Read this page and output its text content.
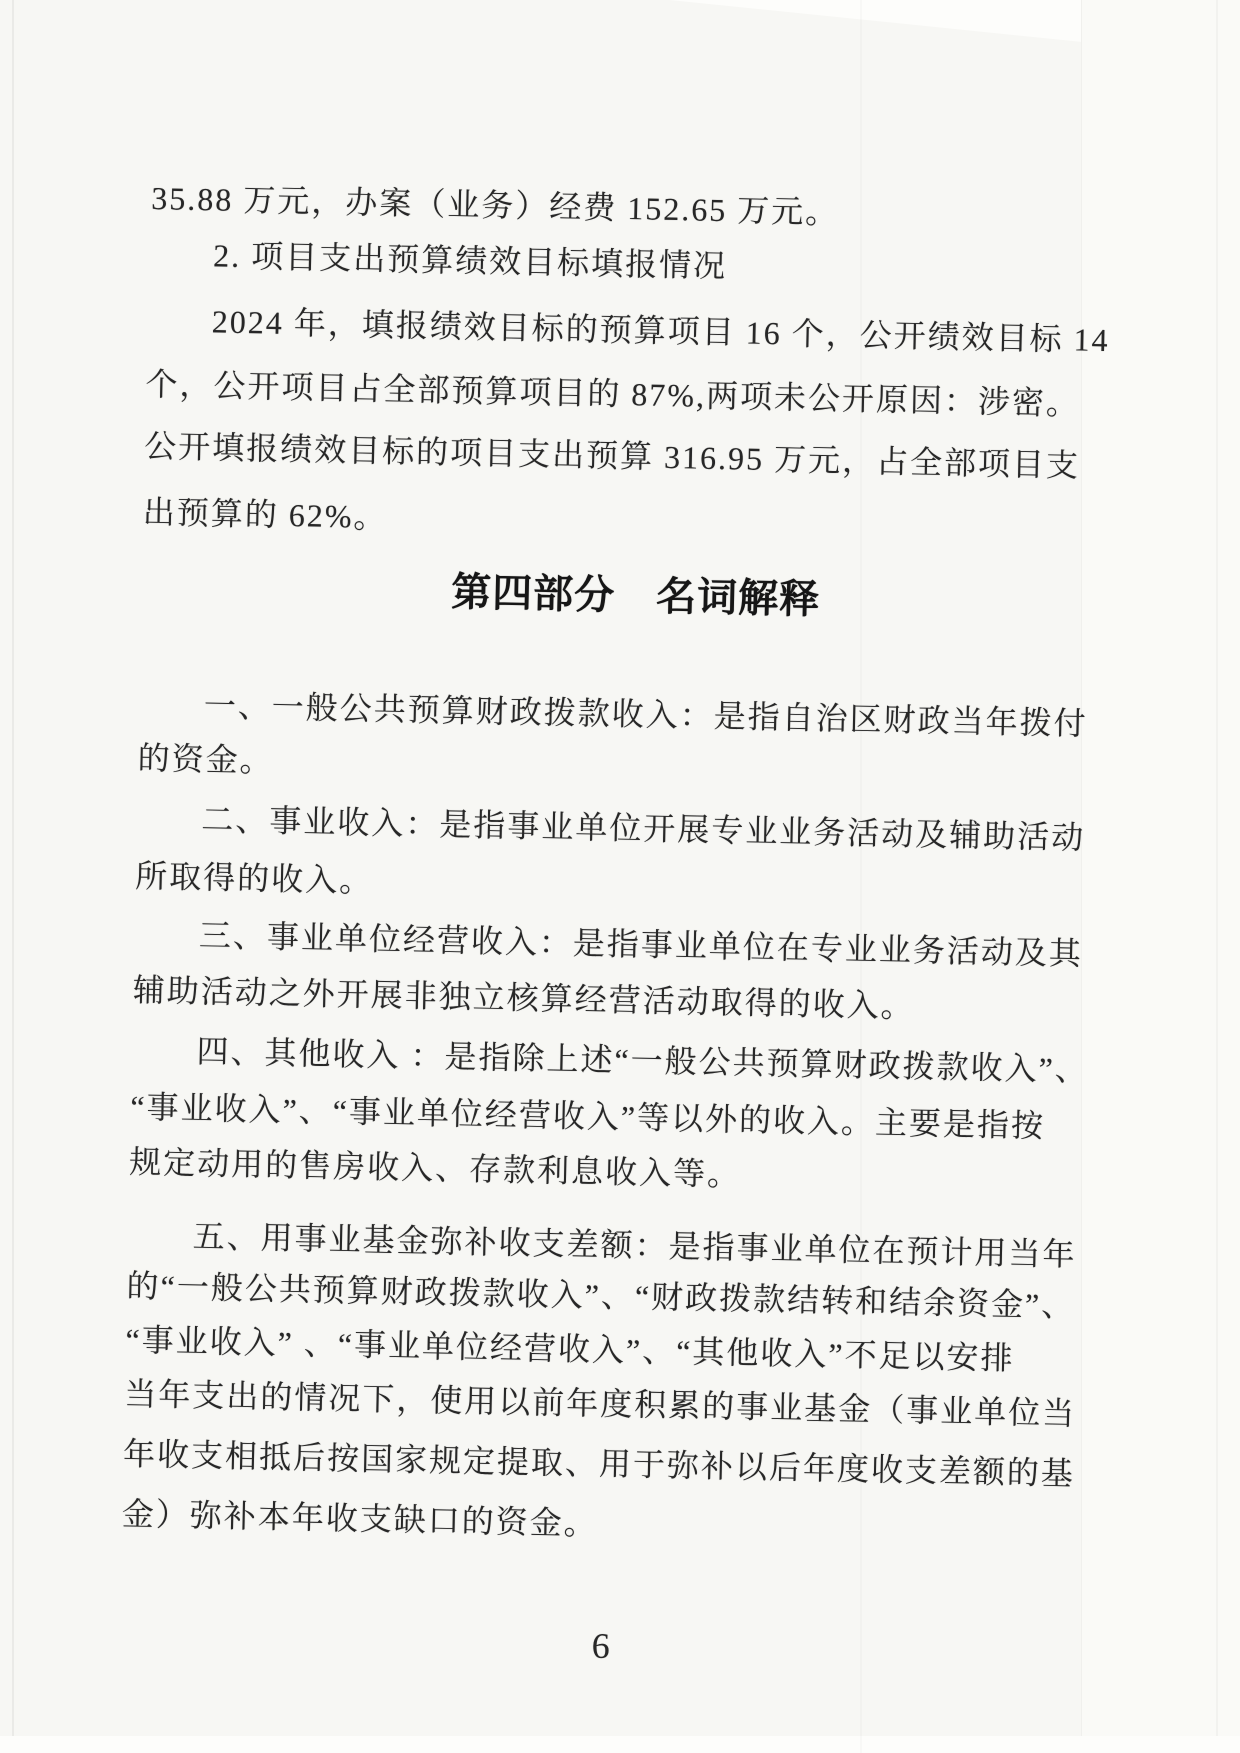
35.88 万元，办案（业务）经费 152.65 万元。
2. 项目支出预算绩效目标填报情况
2024 年，填报绩效目标的预算项目 16 个，公开绩效目标 14
个，公开项目占全部预算项目的 87%,两项未公开原因：涉密。
公开填报绩效目标的项目支出预算 316.95 万元，占全部项目支
出预算的 62%。
第四部分　名词解释
一、一般公共预算财政拨款收入：是指自治区财政当年拨付
的资金。
二、事业收入：是指事业单位开展专业业务活动及辅助活动
所取得的收入。
三、事业单位经营收入：是指事业单位在专业业务活动及其
辅助活动之外开展非独立核算经营活动取得的收入。
四、其他收入 ：是指除上述“一般公共预算财政拨款收入”、
“事业收入”、“事业单位经营收入”等以外的收入。主要是指按
规定动用的售房收入、存款利息收入等。
五、用事业基金弥补收支差额：是指事业单位在预计用当年
的“一般公共预算财政拨款收入”、“财政拨款结转和结余资金”、
“事业收入” 、“事业单位经营收入”、“其他收入”不足以安排
当年支出的情况下，使用以前年度积累的事业基金（事业单位当
年收支相抵后按国家规定提取、用于弥补以后年度收支差额的基
金）弥补本年收支缺口的资金。
6
